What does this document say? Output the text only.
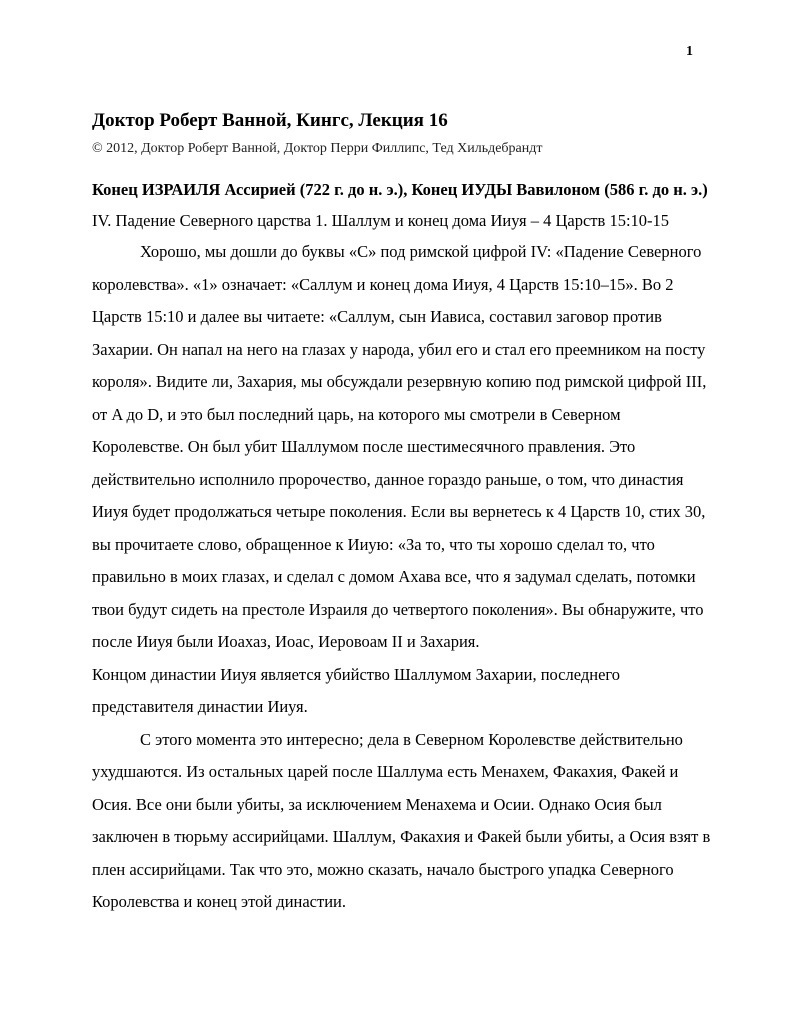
1
Доктор Роберт Ванной, Кингс, Лекция 16

© 2012, Доктор Роберт Ванной, Доктор Перри Филлипс, Тед Хильдебрандт

Конец ИЗРАИЛЯ Ассирией (722 г. до н. э.), Конец ИУДЫ Вавилоном (586 г. до н. э.)

IV. Падение Северного царства 1. Шаллум и конец дома Ииуя – 4 Царств 15:10-15

Хорошо, мы дошли до буквы «С» под римской цифрой IV: «Падение Северного королевства». «1» означает: «Саллум и конец дома Ииуя, 4 Царств 15:10–15». Во 2 Царств 15:10 и далее вы читаете: «Саллум, сын Иависа, составил заговор против Захарии. Он напал на него на глазах у народа, убил его и стал его преемником на посту короля». Видите ли, Захария, мы обсуждали резервную копию под римской цифрой III, от A до D, и это был последний царь, на которого мы смотрели в Северном Королевстве. Он был убит Шаллумом после шестимесячного правления. Это действительно исполнило пророчество, данное гораздо раньше, о том, что династия Ииуя будет продолжаться четыре поколения. Если вы вернетесь к 4 Царств 10, стих 30, вы прочитаете слово, обращенное к Ииую: «За то, что ты хорошо сделал то, что правильно в моих глазах, и сделал с домом Ахава все, что я задумал сделать, потомки твои будут сидеть на престоле Израиля до четвертого поколения». Вы обнаружите, что после Ииуя были Иоахаз, Иоас, Иеровоам II и Захария.

Концом династии Ииуя является убийство Шаллумом Захарии, последнего представителя династии Ииуя.

С этого момента это интересно; дела в Северном Королевстве действительно ухудшаются. Из остальных царей после Шаллума есть Менахем, Факахия, Факей и Осия. Все они были убиты, за исключением Менахема и Осии. Однако Осия был заключен в тюрьму ассирийцами. Шаллум, Факахия и Факей были убиты, а Осия взят в плен ассирийцами. Так что это, можно сказать, начало быстрого упадка Северного Королевства и конец этой династии.
